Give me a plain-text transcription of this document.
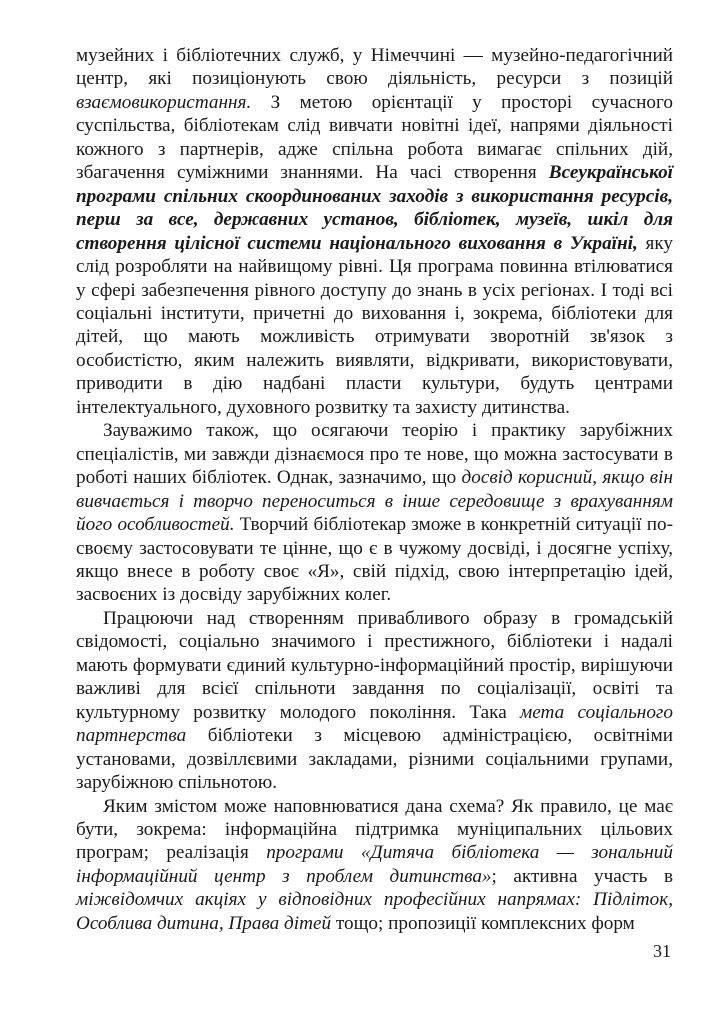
музейних і бібліотечних служб, у Німеччині — музейно-педагогічний центр, які позиціонують свою діяльність, ресурси з позицій взаємовикористання. З метою орієнтації у просторі сучасного суспільства, бібліотекам слід вивчати новітні ідеї, напрями діяльності кожного з партнерів, адже спільна робота вимагає спільних дій, збагачення суміжними знаннями. На часі створення Всеукраїнської програми спільних скоординованих заходів з використання ресурсів, перш за все, державних установ, бібліотек, музеїв, шкіл для створення цілісної системи національного виховання в Україні, яку слід розробляти на найвищому рівні. Ця програма повинна втілюватися у сфері забезпечення рівного доступу до знань в усіх регіонах. І тоді всі соціальні інститути, причетні до виховання і, зокрема, бібліотеки для дітей, що мають можливість отримувати зворотній зв'язок з особистістю, яким належить виявляти, відкривати, використовувати, приводити в дію надбані пласти культури, будуть центрами інтелектуального, духовного розвитку та захисту дитинства.

Зауважимо також, що осягаючи теорію і практику зарубіжних спеціалістів, ми завжди дізнаємося про те нове, що можна застосувати в роботі наших бібліотек. Однак, зазначимо, що досвід корисний, якщо він вивчається і творчо переноситься в інше середовище з врахуванням його особливостей. Творчий бібліотекар зможе в конкретній ситуації по-своєму застосовувати те цінне, що є в чужому досвіді, і досягне успіху, якщо внесе в роботу своє «Я», свій підхід, свою інтерпретацію ідей, засвоєних із досвіду зарубіжних колег.

Працюючи над створенням привабливого образу в громадській свідомості, соціально значимого і престижного, бібліотеки і надалі мають формувати єдиний культурно-інформаційний простір, вирішуючи важливі для всієї спільноти завдання по соціалізації, освіті та культурному розвитку молодого покоління. Така мета соціального партнерства бібліотеки з місцевою адміністрацією, освітніми установами, дозвіллєвими закладами, різними соціальними групами, зарубіжною спільнотою.

Яким змістом може наповнюватися дана схема? Як правило, це має бути, зокрема: інформаційна підтримка муніципальних цільових програм; реалізація програми «Дитяча бібліотека — зональний інформаційний центр з проблем дитинства»; активна участь в міжвідомчих акціях у відповідних професійних напрямах: Підліток, Особлива дитина, Права дітей тощо; пропозиції комплексних форм

31
